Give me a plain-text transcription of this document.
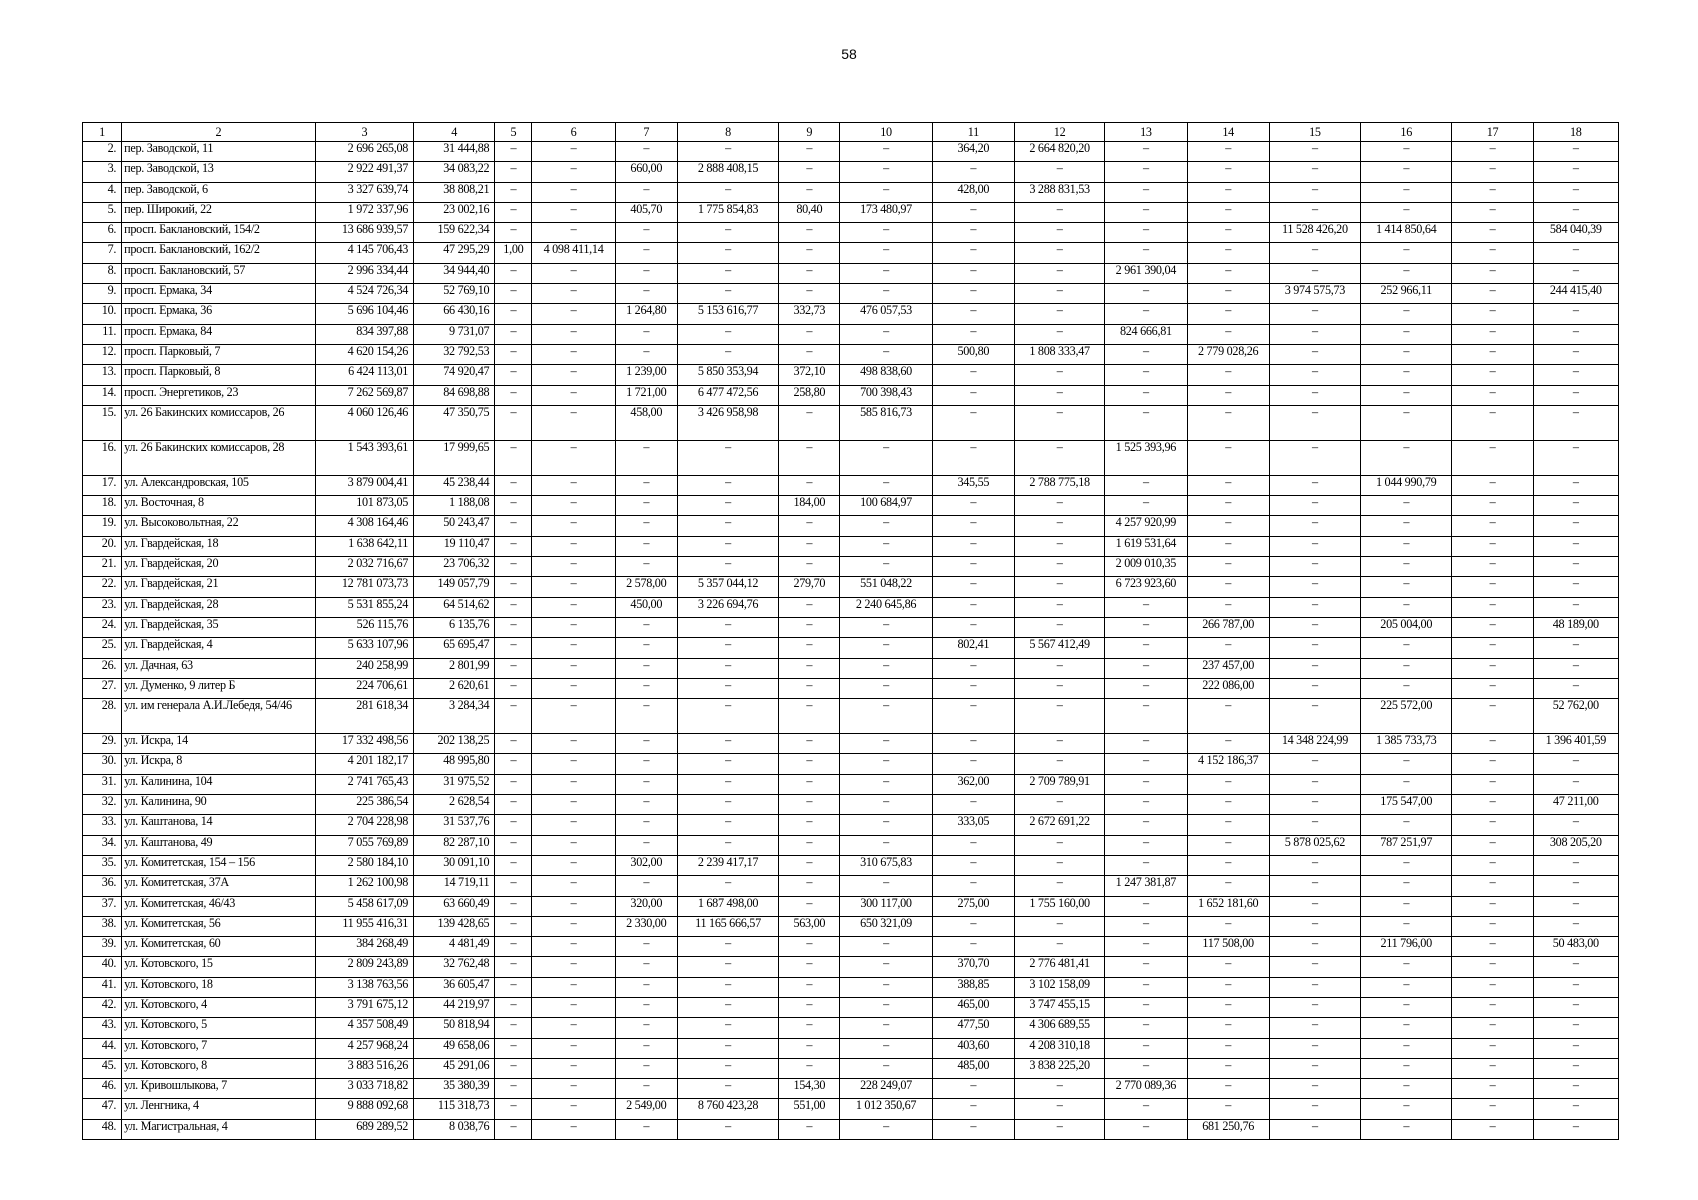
58
1	2	3	4	5	6	7	8	9	10	11	12	13	14	15	16	17	18
2.	пер. Заводской, 11	2 696 265,08	31 444,88	–	–	–	–	–	–	364,20	2 664 820,20	–	–	–	–	–	–
3.	пер. Заводской, 13	2 922 491,37	34 083,22	–	–	660,00	2 888 408,15	–	–	–	–	–	–	–	–	–	–
4.	пер. Заводской, 6	3 327 639,74	38 808,21	–	–	–	–	–	–	428,00	3 288 831,53	–	–	–	–	–	–
5.	пер. Широкий, 22	1 972 337,96	23 002,16	–	–	405,70	1 775 854,83	80,40	173 480,97	–	–	–	–	–	–	–	–
6.	просп. Баклановский, 154/2	13 686 939,57	159 622,34	–	–	–	–	–	–	–	–	–	–	11 528 426,20	1 414 850,64	–	584 040,39
7.	просп. Баклановский, 162/2	4 145 706,43	47 295,29	1,00	4 098 411,14	–	–	–	–	–	–	–	–	–	–	–	–
8.	просп. Баклановский, 57	2 996 334,44	34 944,40	–	–	–	–	–	–	–	–	2 961 390,04	–	–	–	–	–
9.	просп. Ермака, 34	4 524 726,34	52 769,10	–	–	–	–	–	–	–	–	–	–	3 974 575,73	252 966,11	–	244 415,40
10.	просп. Ермака, 36	5 696 104,46	66 430,16	–	–	1 264,80	5 153 616,77	332,73	476 057,53	–	–	–	–	–	–	–	–
11.	просп. Ермака, 84	834 397,88	9 731,07	–	–	–	–	–	–	–	–	824 666,81	–	–	–	–	–
12.	просп. Парковый, 7	4 620 154,26	32 792,53	–	–	–	–	–	–	500,80	1 808 333,47	–	2 779 028,26	–	–	–	–
13.	просп. Парковый, 8	6 424 113,01	74 920,47	–	–	1 239,00	5 850 353,94	372,10	498 838,60	–	–	–	–	–	–	–	–
14.	просп. Энергетиков, 23	7 262 569,87	84 698,88	–	–	1 721,00	6 477 472,56	258,80	700 398,43	–	–	–	–	–	–	–	–
15.	ул. 26 Бакинских комиссаров, 26	4 060 126,46	47 350,75	–	–	458,00	3 426 958,98	–	585 816,73	–	–	–	–	–	–	–	–
16.	ул. 26 Бакинских комиссаров, 28	1 543 393,61	17 999,65	–	–	–	–	–	–	–	–	1 525 393,96	–	–	–	–	–
17.	ул. Александровская, 105	3 879 004,41	45 238,44	–	–	–	–	–	–	345,55	2 788 775,18	–	–	–	1 044 990,79	–	–
18.	ул. Восточная, 8	101 873,05	1 188,08	–	–	–	–	184,00	100 684,97	–	–	–	–	–	–	–	–
19.	ул. Высоковольтная, 22	4 308 164,46	50 243,47	–	–	–	–	–	–	–	–	4 257 920,99	–	–	–	–	–
20.	ул. Гвардейская, 18	1 638 642,11	19 110,47	–	–	–	–	–	–	–	–	1 619 531,64	–	–	–	–	–
21.	ул. Гвардейская, 20	2 032 716,67	23 706,32	–	–	–	–	–	–	–	–	2 009 010,35	–	–	–	–	–
22.	ул. Гвардейская, 21	12 781 073,73	149 057,79	–	–	2 578,00	5 357 044,12	279,70	551 048,22	–	–	6 723 923,60	–	–	–	–	–
23.	ул. Гвардейская, 28	5 531 855,24	64 514,62	–	–	450,00	3 226 694,76	–	2 240 645,86	–	–	–	–	–	–	–	–
24.	ул. Гвардейская, 35	526 115,76	6 135,76	–	–	–	–	–	–	–	–	–	266 787,00	–	205 004,00	–	48 189,00
25.	ул. Гвардейская, 4	5 633 107,96	65 695,47	–	–	–	–	–	–	802,41	5 567 412,49	–	–	–	–	–	–
26.	ул. Дачная, 63	240 258,99	2 801,99	–	–	–	–	–	–	–	–	–	237 457,00	–	–	–	–
27.	ул. Думенко, 9 литер Б	224 706,61	2 620,61	–	–	–	–	–	–	–	–	–	222 086,00	–	–	–	–
28.	ул. им генерала А.И.Лебедя, 54/46	281 618,34	3 284,34	–	–	–	–	–	–	–	–	–	–	–	225 572,00	–	52 762,00
29.	ул. Искра, 14	17 332 498,56	202 138,25	–	–	–	–	–	–	–	–	–	–	14 348 224,99	1 385 733,73	–	1 396 401,59
30.	ул. Искра, 8	4 201 182,17	48 995,80	–	–	–	–	–	–	–	–	–	4 152 186,37	–	–	–	–
31.	ул. Калинина, 104	2 741 765,43	31 975,52	–	–	–	–	–	–	362,00	2 709 789,91	–	–	–	–	–	–
32.	ул. Калинина, 90	225 386,54	2 628,54	–	–	–	–	–	–	–	–	–	–	–	175 547,00	–	47 211,00
33.	ул. Каштанова, 14	2 704 228,98	31 537,76	–	–	–	–	–	–	333,05	2 672 691,22	–	–	–	–	–	–
34.	ул. Каштанова, 49	7 055 769,89	82 287,10	–	–	–	–	–	–	–	–	–	–	5 878 025,62	787 251,97	–	308 205,20
35.	ул. Комитетская, 154 – 156	2 580 184,10	30 091,10	–	–	302,00	2 239 417,17	–	310 675,83	–	–	–	–	–	–	–	–
36.	ул. Комитетская, 37А	1 262 100,98	14 719,11	–	–	–	–	–	–	–	–	1 247 381,87	–	–	–	–	–
37.	ул. Комитетская, 46/43	5 458 617,09	63 660,49	–	–	320,00	1 687 498,00	–	300 117,00	275,00	1 755 160,00	–	1 652 181,60	–	–	–	–
38.	ул. Комитетская, 56	11 955 416,31	139 428,65	–	–	2 330,00	11 165 666,57	563,00	650 321,09	–	–	–	–	–	–	–	–
39.	ул. Комитетская, 60	384 268,49	4 481,49	–	–	–	–	–	–	–	–	–	117 508,00	–	211 796,00	–	50 483,00
40.	ул. Котовского, 15	2 809 243,89	32 762,48	–	–	–	–	–	–	370,70	2 776 481,41	–	–	–	–	–	–
41.	ул. Котовского, 18	3 138 763,56	36 605,47	–	–	–	–	–	–	388,85	3 102 158,09	–	–	–	–	–	–
42.	ул. Котовского, 4	3 791 675,12	44 219,97	–	–	–	–	–	–	465,00	3 747 455,15	–	–	–	–	–	–
43.	ул. Котовского, 5	4 357 508,49	50 818,94	–	–	–	–	–	–	477,50	4 306 689,55	–	–	–	–	–	–
44.	ул. Котовского, 7	4 257 968,24	49 658,06	–	–	–	–	–	–	403,60	4 208 310,18	–	–	–	–	–	–
45.	ул. Котовского, 8	3 883 516,26	45 291,06	–	–	–	–	–	–	485,00	3 838 225,20	–	–	–	–	–	–
46.	ул. Кривошлыкова, 7	3 033 718,82	35 380,39	–	–	–	–	154,30	228 249,07	–	–	2 770 089,36	–	–	–	–	–
47.	ул. Ленгника, 4	9 888 092,68	115 318,73	–	–	2 549,00	8 760 423,28	551,00	1 012 350,67	–	–	–	–	–	–	–	–
48.	ул. Магистральная, 4	689 289,52	8 038,76	–	–	–	–	–	–	–	–	–	681 250,76	–	–	–	–
